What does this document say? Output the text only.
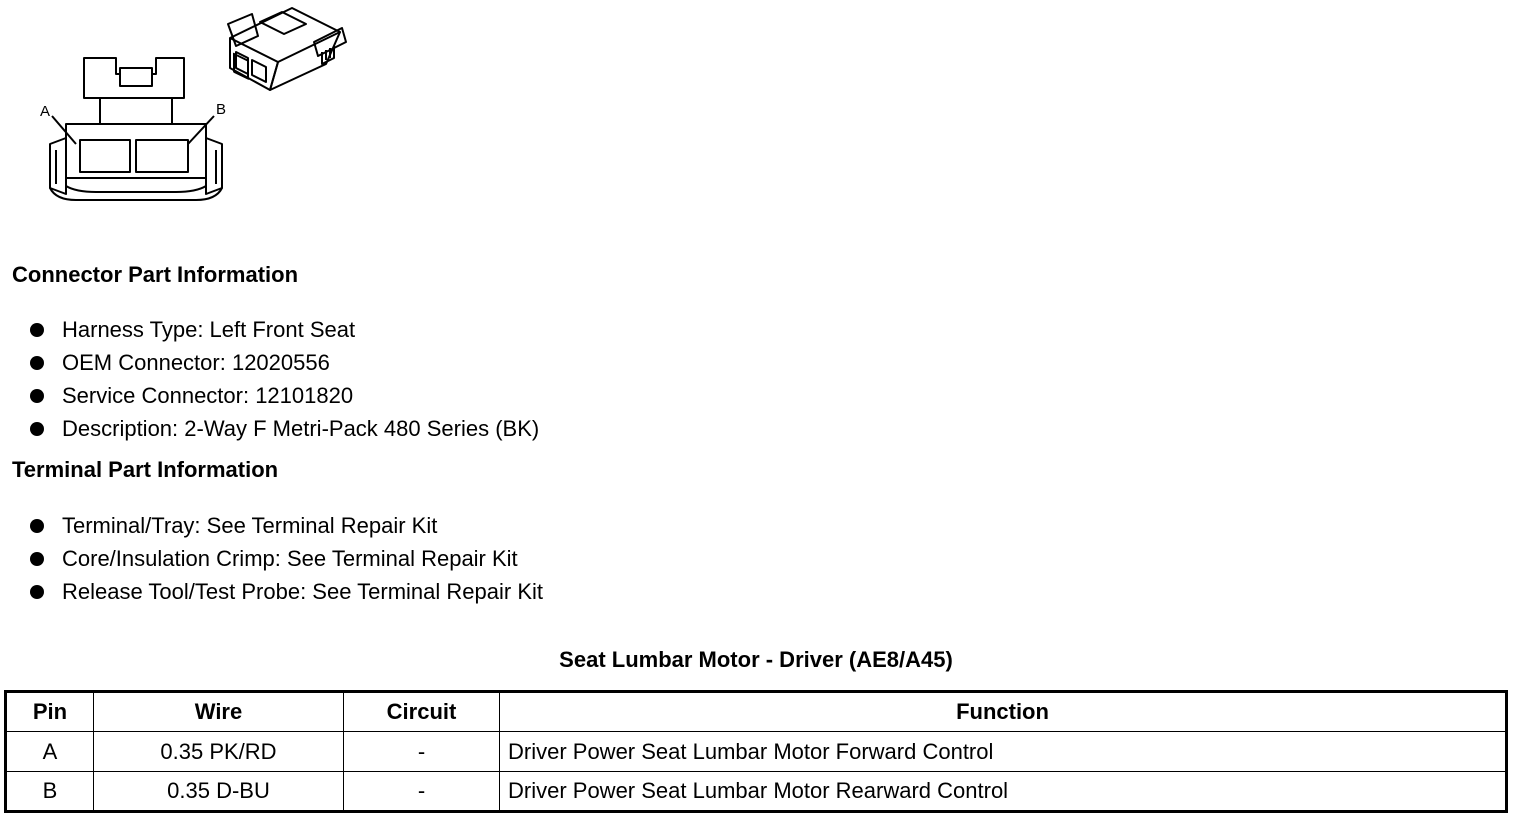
A	B
Connector Part Information
Harness Type: Left Front Seat
OEM Connector: 12020556
Service Connector: 12101820
Description: 2-Way F Metri-Pack 480 Series (BK)
Terminal Part Information
Terminal/Tray: See Terminal Repair Kit
Core/Insulation Crimp: See Terminal Repair Kit
Release Tool/Test Probe: See Terminal Repair Kit
Seat Lumbar Motor - Driver (AE8/A45)
Pin	Wire	Circuit	Function
A	0.35 PK/RD	-	Driver Power Seat Lumbar Motor Forward Control
B	0.35 D-BU	-	Driver Power Seat Lumbar Motor Rearward Control
